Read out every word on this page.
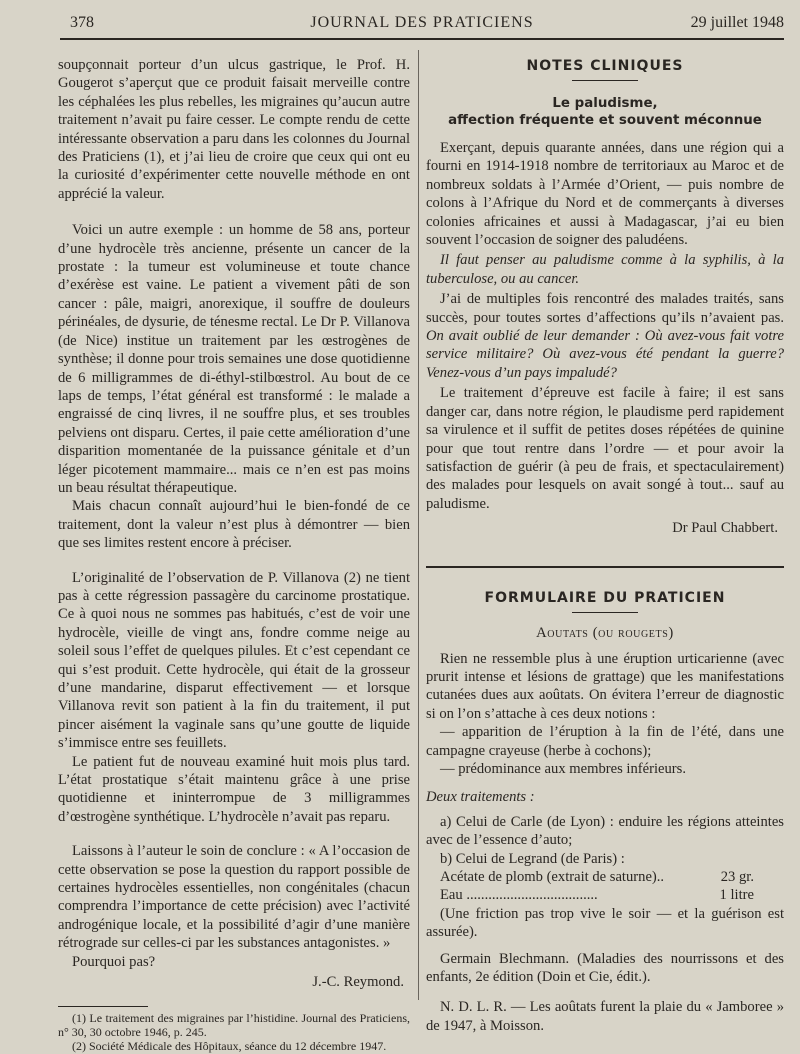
378	JOURNAL DES PRATICIENS	29 juillet 1948

soupçonnait porteur d’un ulcus gastrique, le Prof. H. Gougerot s’aperçut que ce produit faisait merveille contre les céphalées les plus rebelles, les migraines qu’aucun autre traitement n’avait pu faire cesser. Le compte rendu de cette intéressante observation a paru dans les colonnes du Journal des Praticiens (1), et j’ai lieu de croire que ceux qui ont eu la curiosité d’expérimenter cette nouvelle méthode en ont apprécié la valeur.

Voici un autre exemple : un homme de 58 ans, porteur d’une hydrocèle très ancienne, présente un cancer de la prostate : la tumeur est volumineuse et toute chance d’exérèse est vaine. Le patient a vivement pâti de son cancer : pâle, maigri, anorexique, il souffre de douleurs périnéales, de dysurie, de ténesme rectal. Le Dr P. Villanova (de Nice) institue un traitement par les œstrogènes de synthèse; il donne pour trois semaines une dose quotidienne de 6 milligrammes de di-éthyl-stilbœstrol. Au bout de ce laps de temps, l’état général est transformé : le malade a engraissé de cinq livres, il ne souffre plus, et ses troubles pelviens ont disparu. Certes, il paie cette amélioration d’une disparition momentanée de la puissance génitale et d’un léger picotement mammaire... mais ce n’en est pas moins un beau résultat thérapeutique.

Mais chacun connaît aujourd’hui le bien-fondé de ce traitement, dont la valeur n’est plus à démontrer — bien que ses limites restent encore à préciser.

L’originalité de l’observation de P. Villanova (2) ne tient pas à cette régression passagère du carcinome prostatique. Ce à quoi nous ne sommes pas habitués, c’est de voir une hydrocèle, vieille de vingt ans, fondre comme neige au soleil sous l’effet de quelques pilules. Et c’est cependant ce qui s’est produit. Cette hydrocèle, qui était de la grosseur d’une mandarine, disparut effectivement — et lorsque Villanova revit son patient à la fin du traitement, il put pincer aisément la vaginale sans qu’une goutte de liquide s’immisce entre ses feuillets.

Le patient fut de nouveau examiné huit mois plus tard. L’état prostatique s’était maintenu grâce à une prise quotidienne et ininterrompue de 3 milligrammes d’œstrogène synthétique. L’hydrocèle n’avait pas reparu.

Laissons à l’auteur le soin de conclure : « A l’occasion de cette observation se pose la question du rapport possible de certaines hydrocèles essentielles, non congénitales (chacun comprendra l’importance de cette précision) avec l’activité androgénique locale, et la possibilité d’agir d’une manière rétrograde sur celles-ci par les substances antagonistes. »

Pourquoi pas?

J.-C. Reymond.
(1) Le traitement des migraines par l’histidine. Journal des Praticiens, n° 30, 30 octobre 1946, p. 245.
(2) Société Médicale des Hôpitaux, séance du 12 décembre 1947.
NOTES CLINIQUES
Le paludisme,
affection fréquente et souvent méconnue

Exerçant, depuis quarante années, dans une région qui a fourni en 1914-1918 nombre de territoriaux au Maroc et de nombreux soldats à l’Armée d’Orient, — puis nombre de colons à l’Afrique du Nord et de commerçants à diverses colonies africaines et aussi à Madagascar, j’ai eu bien souvent l’occasion de soigner des paludéens.

Il faut penser au paludisme comme à la syphilis, à la tuberculose, ou au cancer.

J’ai de multiples fois rencontré des malades traités, sans succès, pour toutes sortes d’affections qu’ils n’avaient pas. On avait oublié de leur demander : Où avez-vous fait votre service militaire? Où avez-vous été pendant la guerre? Venez-vous d’un pays impaludé?

Le traitement d’épreuve est facile à faire; il est sans danger car, dans notre région, le plaudisme perd rapidement sa virulence et il suffit de petites doses répétées de quinine pour que tout rentre dans l’ordre — et pour avoir la satisfaction de guérir (à peu de frais, et spectaculairement) des malades pour lesquels on avait songé à tout... sauf au paludisme.

Dr Paul Chabbert.
FORMULAIRE DU PRATICIEN
Aoutats (ou rougets)

Rien ne ressemble plus à une éruption urticarienne (avec prurit intense et lésions de grattage) que les manifestations cutanées dues aux aoûtats. On évitera l’erreur de diagnostic si on l’on s’attache à ces deux notions :

— apparition de l’éruption à la fin de l’été, dans une campagne crayeuse (herbe à cochons);

— prédominance aux membres inférieurs.

Deux traitements :

a) Celui de Carle (de Lyon) : enduire les régions atteintes avec de l’essence d’auto;

b) Celui de Legrand (de Paris) :

Acétate de plomb (extrait de saturne)..	23 gr.
Eau ....................................	1 litre

(Une friction pas trop vive le soir — et la guérison est assurée).

Germain Blechmann. (Maladies des nourrissons et des enfants, 2e édition (Doin et Cie, édit.).

N. D. L. R. — Les aoûtats furent la plaie du « Jamboree » de 1947, à Moisson.
